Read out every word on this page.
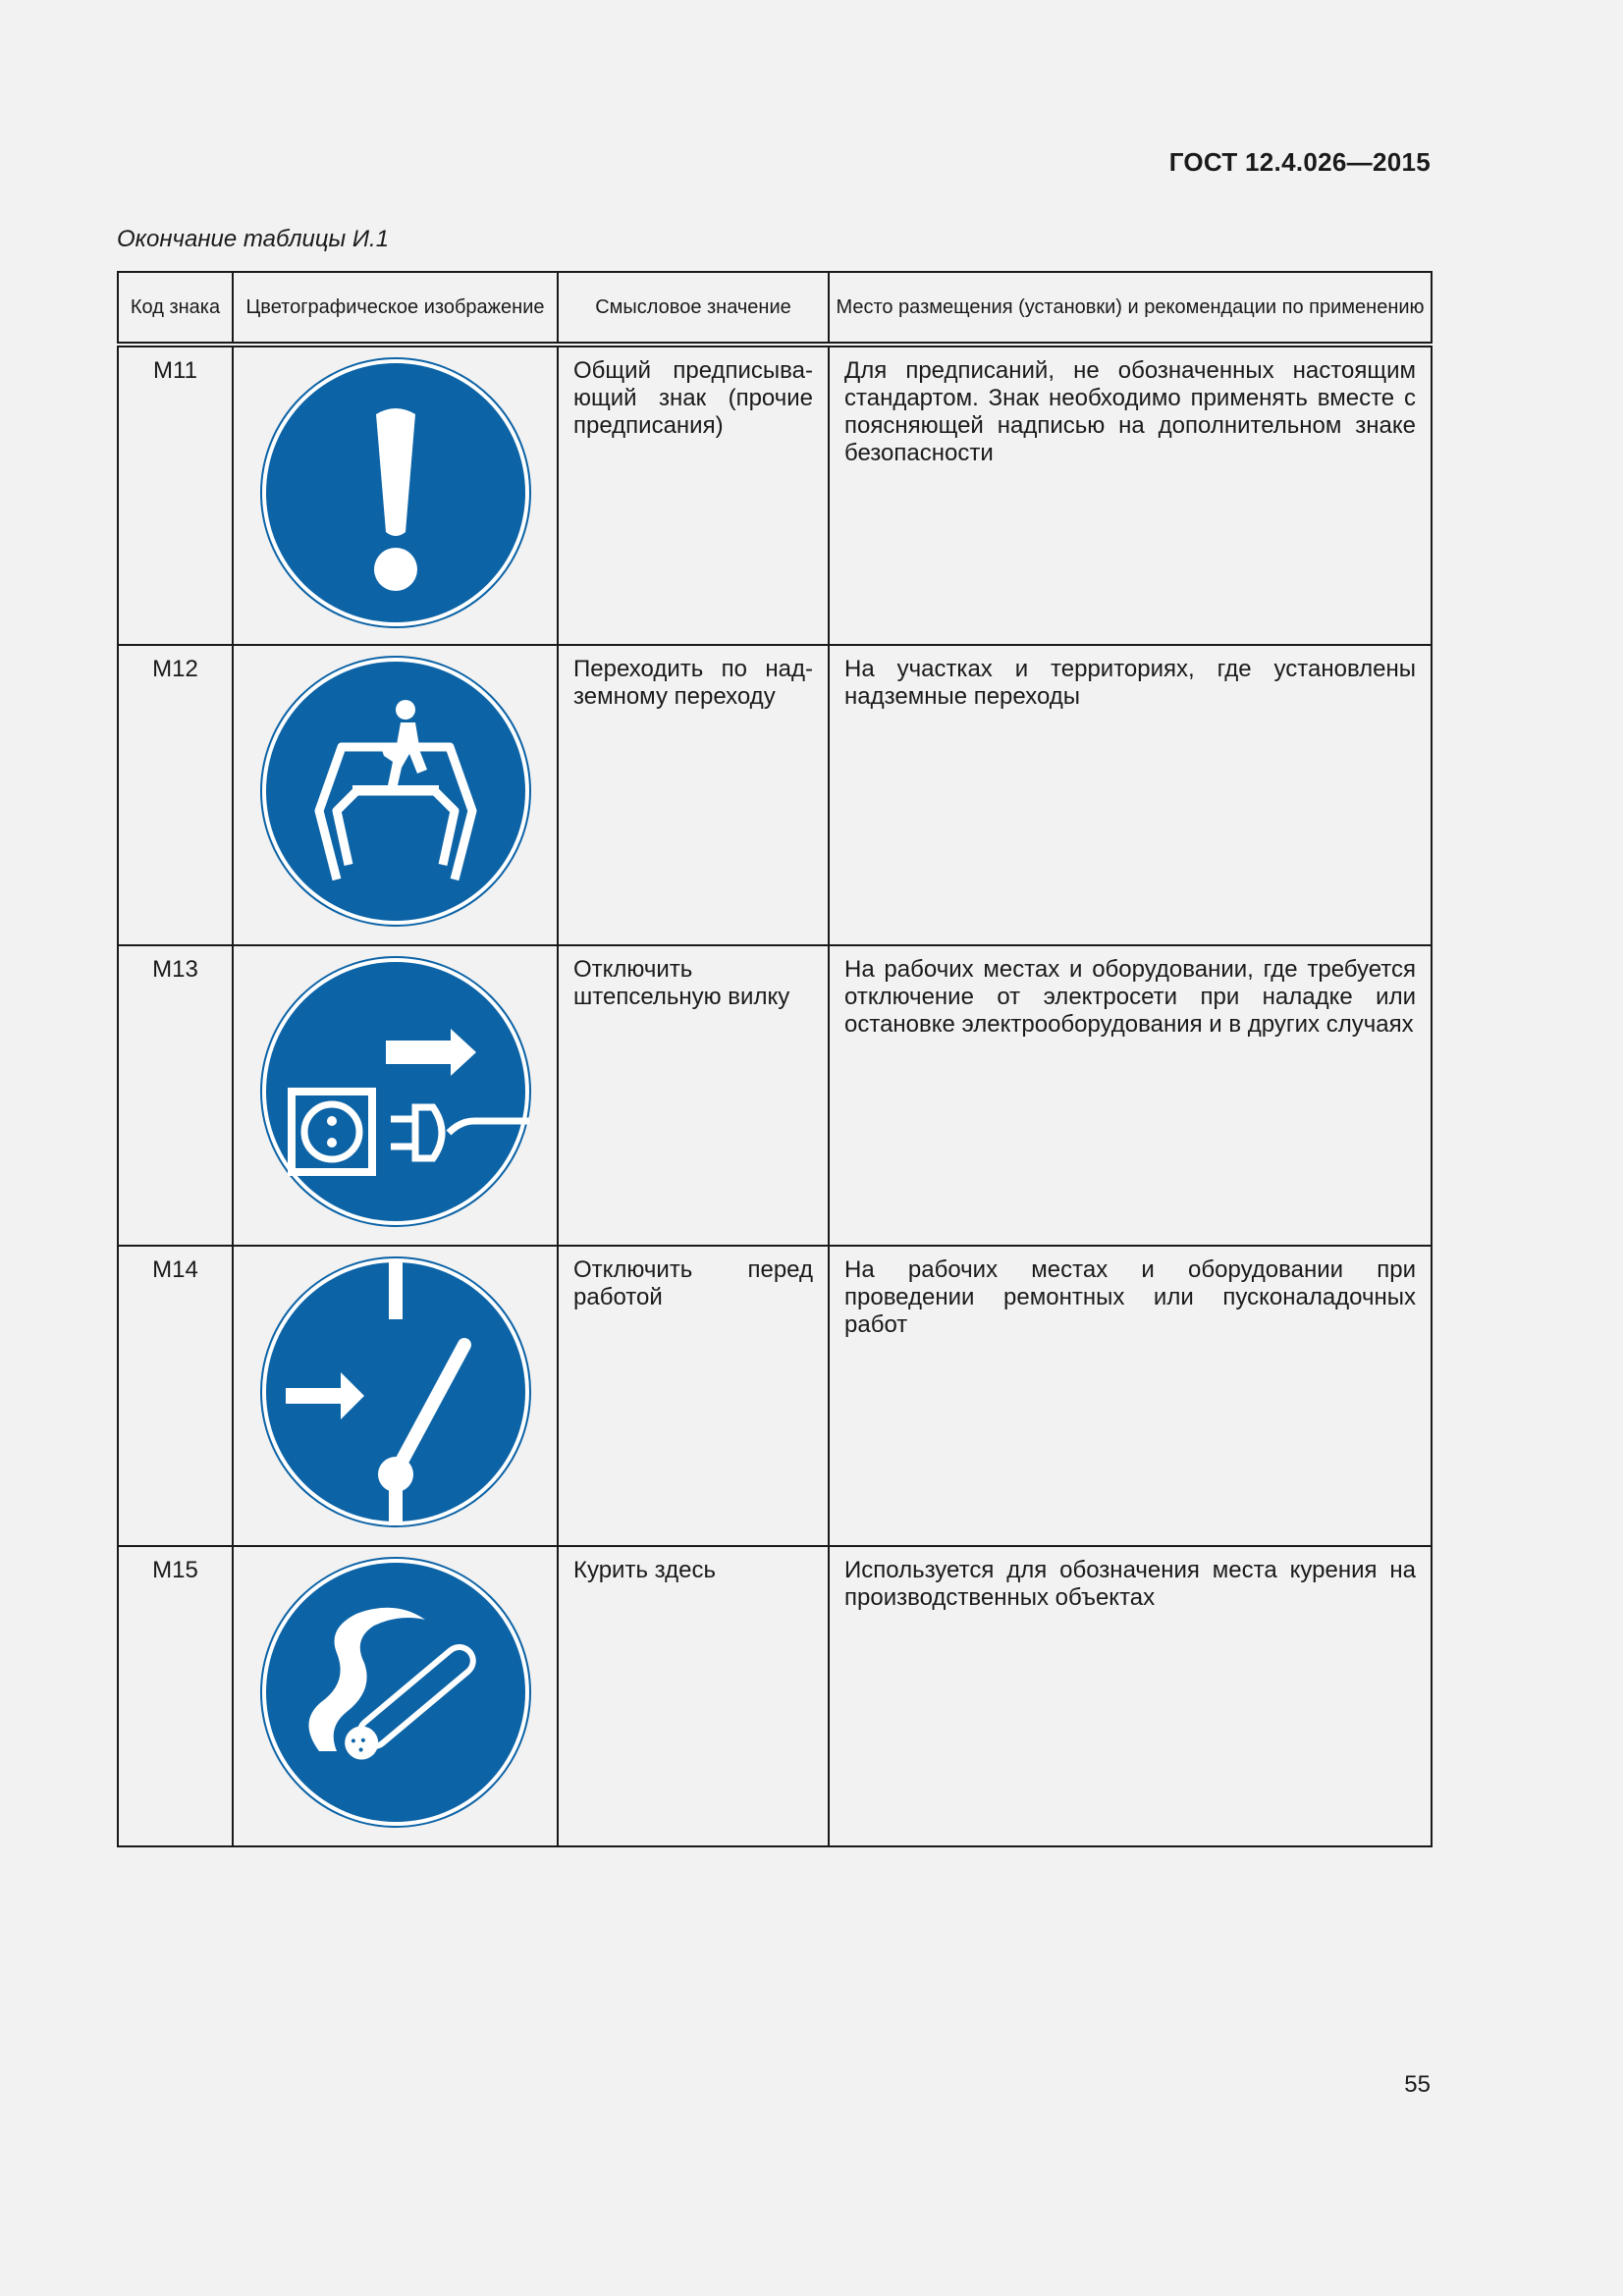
ГОСТ 12.4.026—2015
Окончание таблицы И.1
Код знака	Цветографическое изображение	Смысловое значение	Место размещения (установки) и рекомендации по применению
M11		Общий предписыва-ющий знак (прочие предписания)	Для предписаний, не обозначенных настоящим стандартом. Знак необходимо применять вместе с поясняющей надписью на дополнительном знаке безопасности
M12		Переходить по над-земному переходу	На участках и территориях, где установлены надземные переходы
M13		Отключить штепсельную вилку	На рабочих местах и оборудовании, где требуется отключение от электросети при наладке или остановке электрооборудования и в других случаях
M14		Отключить перед работой	На рабочих местах и оборудовании при проведении ремонтных или пусконаладочных работ
M15		Курить здесь	Используется для обозначения места курения на производственных объектах
55
